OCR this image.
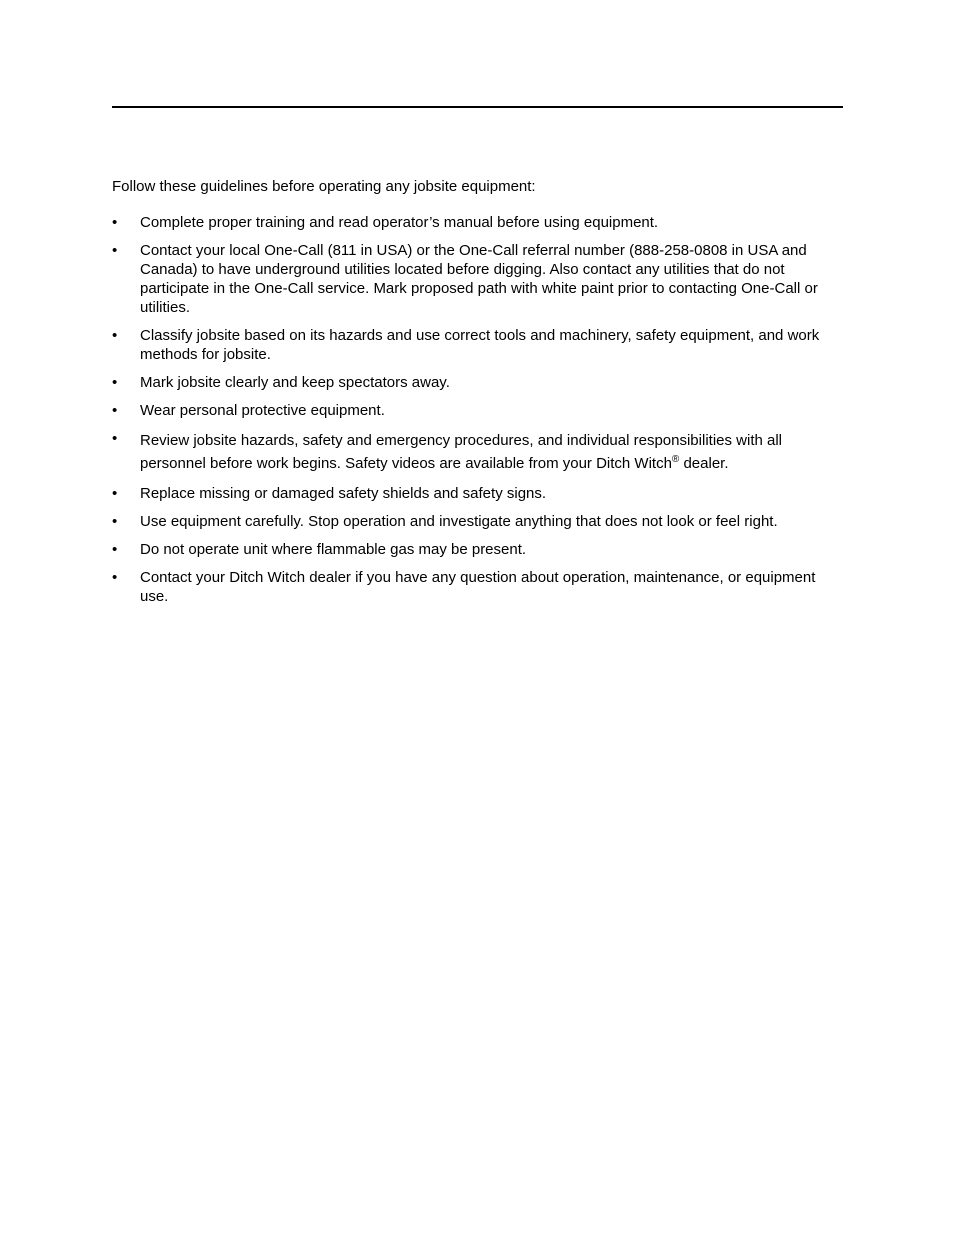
Follow these guidelines before operating any jobsite equipment:

•	Complete proper training and read operator’s manual before using equipment.
•	Contact your local One-Call (811 in USA) or the One-Call referral number (888-258-0808 in USA and Canada) to have underground utilities located before digging. Also contact any utilities that do not participate in the One-Call service. Mark proposed path with white paint prior to contacting One-Call or utilities.
•	Classify jobsite based on its hazards and use correct tools and machinery, safety equipment, and work methods for jobsite.
•	Mark jobsite clearly and keep spectators away.
•	Wear personal protective equipment.
•	Review jobsite hazards, safety and emergency procedures, and individual responsibilities with all personnel before work begins. Safety videos are available from your Ditch Witch® dealer.
•	Replace missing or damaged safety shields and safety signs.
•	Use equipment carefully. Stop operation and investigate anything that does not look or feel right.
•	Do not operate unit where flammable gas may be present.
•	Contact your Ditch Witch dealer if you have any question about operation, maintenance, or equipment use.
